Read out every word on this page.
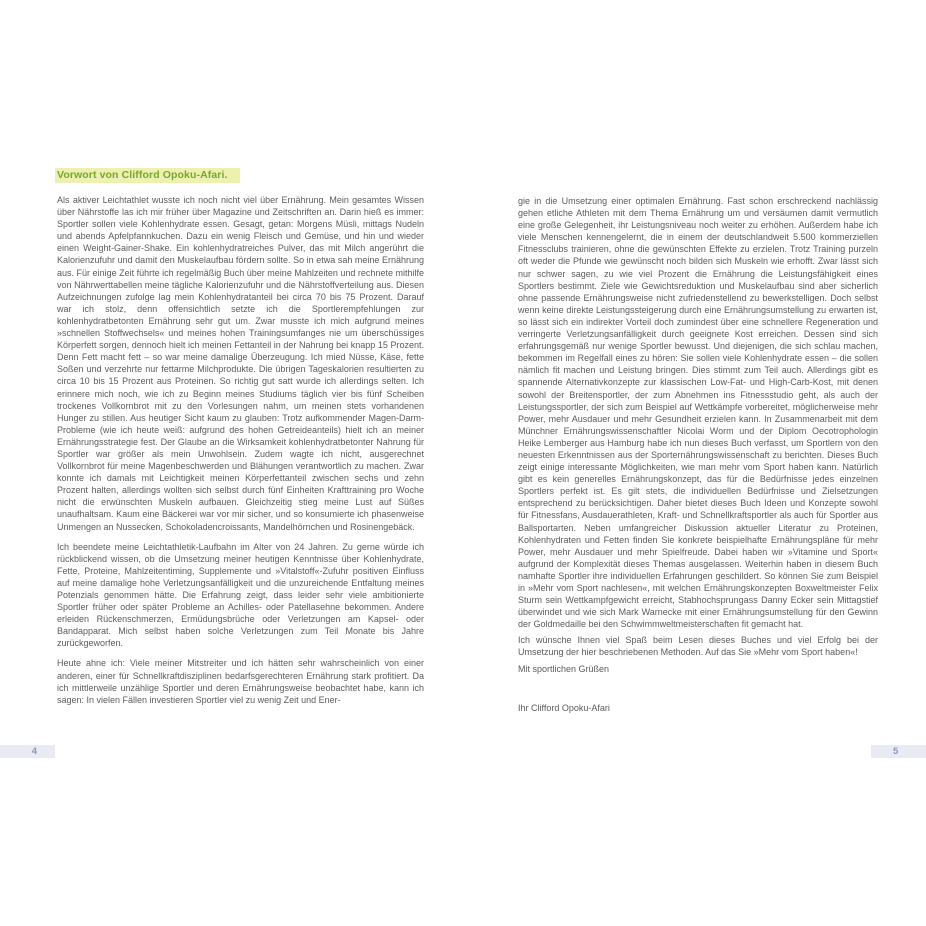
Vorwort von Clifford Opoku-Afari.

Als aktiver Leichtathlet wusste ich noch nicht viel über Ernährung. Mein gesamtes Wissen über Nährstoffe las ich mir früher über Magazine und Zeitschriften an. Darin hieß es immer: Sportler sollen viele Kohlenhydrate essen. Gesagt, getan: Morgens Müsli, mittags Nudeln und abends Apfelpfannkuchen. Dazu ein wenig Fleisch und Gemüse, und hin und wieder einen Weight-Gainer-Shake. Ein kohlenhydratreiches Pulver, das mit Milch angerührt die Kalorienzufuhr und damit den Muskelaufbau fördern sollte. So in etwa sah meine Ernährung aus. Für einige Zeit führte ich regelmäßig Buch über meine Mahlzeiten und rechnete mithilfe von Nährwerttabellen meine tägliche Kalorienzufuhr und die Nährstoffverteilung aus. Diesen Aufzeichnungen zufolge lag mein Kohlenhydratanteil bei circa 70 bis 75 Prozent. Darauf war ich stolz, denn offensichtlich setzte ich die Sportlerempfehlungen zur kohlenhydratbetonten Ernährung sehr gut um. Zwar musste ich mich aufgrund meines »schnellen Stoffwechsels« und meines hohen Trainingsumfanges nie um überschüssiges Körperfett sorgen, dennoch hielt ich meinen Fettanteil in der Nahrung bei knapp 15 Prozent. Denn Fett macht fett – so war meine damalige Überzeugung. Ich mied Nüsse, Käse, fette Soßen und verzehrte nur fettarme Milchprodukte. Die übrigen Tageskalorien resultierten zu circa 10 bis 15 Prozent aus Proteinen. So richtig gut satt wurde ich allerdings selten. Ich erinnere mich noch, wie ich zu Beginn meines Studiums täglich vier bis fünf Scheiben trockenes Vollkornbrot mit zu den Vorlesungen nahm, um meinen stets vorhandenen Hunger zu stillen. Aus heutiger Sicht kaum zu glauben: Trotz aufkommender Magen-Darm-Probleme (wie ich heute weiß: aufgrund des hohen Getreideanteils) hielt ich an meiner Ernährungsstrategie fest. Der Glaube an die Wirksamkeit kohlenhydratbetonter Nahrung für Sportler war größer als mein Unwohlsein. Zudem wagte ich nicht, ausgerechnet Vollkornbrot für meine Magenbeschwerden und Blähungen verantwortlich zu machen. Zwar konnte ich damals mit Leichtigkeit meinen Körperfettanteil zwischen sechs und zehn Prozent halten, allerdings wollten sich selbst durch fünf Einheiten Krafttraining pro Woche nicht die erwünschten Muskeln aufbauen. Gleichzeitig stieg meine Lust auf Süßes unaufhaltsam. Kaum eine Bäckerei war vor mir sicher, und so konsumierte ich phasenweise Unmengen an Nussecken, Schokoladencroissants, Mandelhörnchen und Rosinengebäck.

Ich beendete meine Leichtathletik-Laufbahn im Alter von 24 Jahren. Zu gerne würde ich rückblickend wissen, ob die Umsetzung meiner heutigen Kenntnisse über Kohlenhydrate, Fette, Proteine, Mahlzeitentiming, Supplemente und »Vitalstoff«-Zufuhr positiven Einfluss auf meine damalige hohe Verletzungsanfälligkeit und die unzureichende Entfaltung meines Potenzials genommen hätte. Die Erfahrung zeigt, dass leider sehr viele ambitionierte Sportler früher oder später Probleme an Achilles- oder Patellasehne bekommen. Andere erleiden Rückenschmerzen, Ermüdungsbrüche oder Verletzungen am Kapsel- oder Bandapparat. Mich selbst haben solche Verletzungen zum Teil Monate bis Jahre zurückgeworfen.

Heute ahne ich: Viele meiner Mitstreiter und ich hätten sehr wahrscheinlich von einer anderen, einer für Schnellkraftdisziplinen bedarfsgerechteren Ernährung stark profitiert. Da ich mittlerweile unzählige Sportler und deren Ernährungsweise beobachtet habe, kann ich sagen: In vielen Fällen investieren Sportler viel zu wenig Zeit und Ener-

gie in die Umsetzung einer optimalen Ernährung. Fast schon erschreckend nachlässig gehen etliche Athleten mit dem Thema Ernährung um und versäumen damit vermutlich eine große Gelegenheit, ihr Leistungsniveau noch weiter zu erhöhen. Außerdem habe ich viele Menschen kennengelernt, die in einem der deutschlandweit 5.500 kommerziellen Fitnessclubs trainieren, ohne die gewünschten Effekte zu erzielen. Trotz Training purzeln oft weder die Pfunde wie gewünscht noch bilden sich Muskeln wie erhofft. Zwar lässt sich nur schwer sagen, zu wie viel Prozent die Ernährung die Leistungsfähigkeit eines Sportlers bestimmt. Ziele wie Gewichtsreduktion und Muskelaufbau sind aber sicherlich ohne passende Ernährungsweise nicht zufriedenstellend zu bewerkstelligen. Doch selbst wenn keine direkte Leistungssteigerung durch eine Ernährungsumstellung zu erwarten ist, so lässt sich ein indirekter Vorteil doch zumindest über eine schnellere Regeneration und verringerte Verletzungsanfälligkeit durch geeignete Kost erreichen. Dessen sind sich erfahrungsgemäß nur wenige Sportler bewusst. Und diejenigen, die sich schlau machen, bekommen im Regelfall eines zu hören: Sie sollen viele Kohlenhydrate essen – die sollen nämlich fit machen und Leistung bringen. Dies stimmt zum Teil auch. Allerdings gibt es spannende Alternativkonzepte zur klassischen Low-Fat- und High-Carb-Kost, mit denen sowohl der Breitensportler, der zum Abnehmen ins Fitnessstudio geht, als auch der Leistungssportler, der sich zum Beispiel auf Wettkämpfe vorbereitet, möglicherweise mehr Power, mehr Ausdauer und mehr Gesundheit erzielen kann. In Zusammenarbeit mit dem Münchner Ernährungswissenschaftler Nicolai Worm und der Diplom Oecotrophologin Heike Lemberger aus Hamburg habe ich nun dieses Buch verfasst, um Sportlern von den neuesten Erkenntnissen aus der Sporternährungswissenschaft zu berichten. Dieses Buch zeigt einige interessante Möglichkeiten, wie man mehr vom Sport haben kann. Natürlich gibt es kein generelles Ernährungskonzept, das für die Bedürfnisse jedes einzelnen Sportlers perfekt ist. Es gilt stets, die individuellen Bedürfnisse und Zielsetzungen entsprechend zu berücksichtigen. Daher bietet dieses Buch Ideen und Konzepte sowohl für Fitnessfans, Ausdauerathleten, Kraft- und Schnellkraftsportler als auch für Sportler aus Ballsportarten. Neben umfangreicher Diskussion aktueller Literatur zu Proteinen, Kohlenhydraten und Fetten finden Sie konkrete beispielhafte Ernährungspläne für mehr Power, mehr Ausdauer und mehr Spielfreude. Dabei haben wir »Vitamine und Sport« aufgrund der Komplexität dieses Themas ausgelassen. Weiterhin haben in diesem Buch namhafte Sportler ihre individuellen Erfahrungen geschildert. So können Sie zum Beispiel in »Mehr vom Sport nachlesen«, mit welchen Ernährungskonzepten Boxweltmeister Felix Sturm sein Wettkampfgewicht erreicht, Stabhochsprungass Danny Ecker sein Mittagstief überwindet und wie sich Mark Warnecke mit einer Ernährungsumstellung für den Gewinn der Goldmedaille bei den Schwimmweltmeisterschaften fit gemacht hat.

Ich wünsche Ihnen viel Spaß beim Lesen dieses Buches und viel Erfolg bei der Umsetzung der hier beschriebenen Methoden. Auf das Sie »Mehr vom Sport haben«!

Mit sportlichen Grüßen

Ihr Clifford Opoku-Afari

4	5
